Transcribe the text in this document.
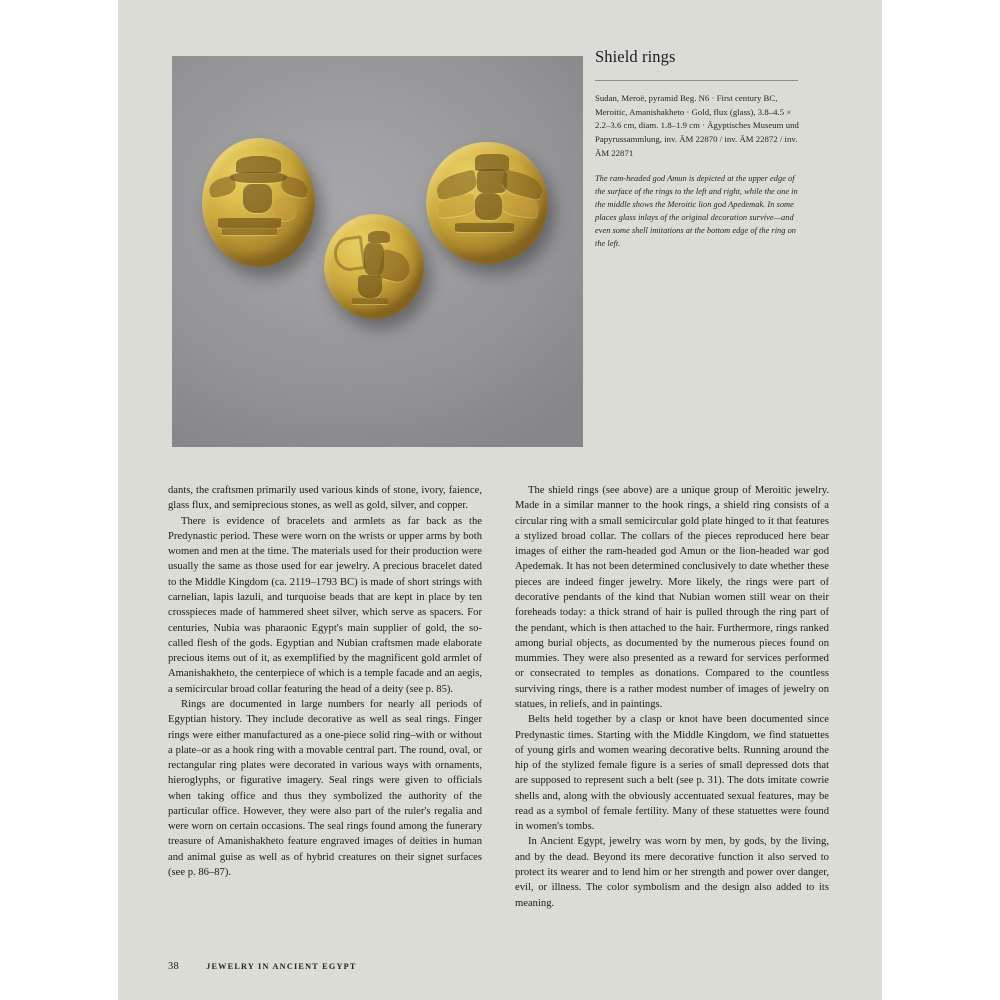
Shield rings
Sudan, Meroë, pyramid Beg. N6 · First century BC, Meroitic, Amanishakheto · Gold, flux (glass), 3.8–4.5 × 2.2–3.6 cm, diam. 1.8–1.9 cm · Ägyptisches Museum und Papyrussammlung, inv. ÄM 22870 / inv. ÄM 22872 / inv. ÄM 22871
The ram-headed god Amun is depicted at the upper edge of the surface of the rings to the left and right, while the one in the middle shows the Meroitic lion god Apedemak. In some places glass inlays of the original decoration survive—and even some shell imitations at the bottom edge of the ring on the left.

dants, the craftsmen primarily used various kinds of stone, ivory, faience, glass flux, and semiprecious stones, as well as gold, silver, and copper.

There is evidence of bracelets and armlets as far back as the Predynastic period. These were worn on the wrists or upper arms by both women and men at the time. The materials used for their production were usually the same as those used for ear jewelry. A precious bracelet dated to the Middle Kingdom (ca. 2119–1793 BC) is made of short strings with carnelian, lapis lazuli, and turquoise beads that are kept in place by ten crosspieces made of hammered sheet silver, which serve as spacers. For centuries, Nubia was pharaonic Egypt's main supplier of gold, the so-called flesh of the gods. Egyptian and Nubian craftsmen made elaborate precious items out of it, as exemplified by the magnificent gold armlet of Amanishakheto, the centerpiece of which is a temple facade and an aegis, a semicircular broad collar featuring the head of a deity (see p. 85).

Rings are documented in large numbers for nearly all periods of Egyptian history. They include decorative as well as seal rings. Finger rings were either manufactured as a one-piece solid ring–with or without a plate–or as a hook ring with a movable central part. The round, oval, or rectangular ring plates were decorated in various ways with ornaments, hieroglyphs, or figurative imagery. Seal rings were given to officials when taking office and thus they symbolized the authority of the particular office. However, they were also part of the ruler's regalia and were worn on certain occasions. The seal rings found among the funerary treasure of Amanishakheto feature engraved images of deities in human and animal guise as well as of hybrid creatures on their signet surfaces (see p. 86–87).

The shield rings (see above) are a unique group of Meroitic jewelry. Made in a similar manner to the hook rings, a shield ring consists of a circular ring with a small semicircular gold plate hinged to it that features a stylized broad collar. The collars of the pieces reproduced here bear images of either the ram-headed god Amun or the lion-headed war god Apedemak. It has not been determined conclusively to date whether these pieces are indeed finger jewelry. More likely, the rings were part of decorative pendants of the kind that Nubian women still wear on their foreheads today: a thick strand of hair is pulled through the ring part of the pendant, which is then attached to the hair. Furthermore, rings ranked among burial objects, as documented by the numerous pieces found on mummies. They were also presented as a reward for services performed or consecrated to temples as donations. Compared to the countless surviving rings, there is a rather modest number of images of jewelry on statues, in reliefs, and in paintings.

Belts held together by a clasp or knot have been documented since Predynastic times. Starting with the Middle Kingdom, we find statuettes of young girls and women wearing decorative belts. Running around the hip of the stylized female figure is a series of small depressed dots that are supposed to represent such a belt (see p. 31). The dots imitate cowrie shells and, along with the obviously accentuated sexual features, may be read as a symbol of female fertility. Many of these statuettes were found in women's tombs.

In Ancient Egypt, jewelry was worn by men, by gods, by the living, and by the dead. Beyond its mere decorative function it also served to protect its wearer and to lend him or her strength and power over danger, evil, or illness. The color symbolism and the design also added to its meaning.

38	JEWELRY IN ANCIENT EGYPT
